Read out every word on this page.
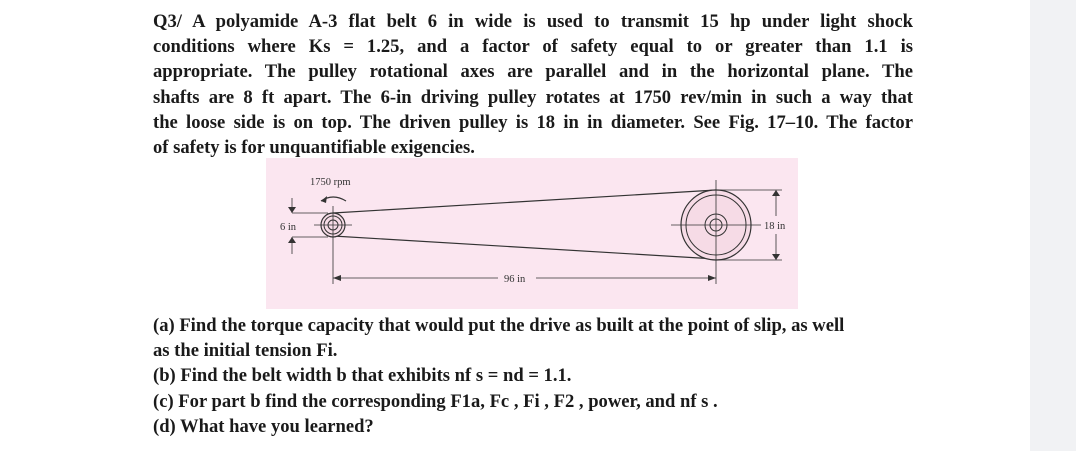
Q3/ A polyamide A-3 flat belt 6 in wide is used to transmit 15 hp under light shock
conditions where Ks = 1.25, and a factor of safety equal to or greater than 1.1 is
appropriate. The pulley rotational axes are parallel and in the horizontal plane. The
shafts are 8 ft apart. The 6-in driving pulley rotates at 1750 rev/min in such a way that
the loose side is on top. The driven pulley is 18 in in diameter. See Fig. 17–10. The factor
of safety is for unquantifiable exigencies.
1750 rpm
6 in	18 in
96 in
(a) Find the torque capacity that would put the drive as built at the point of slip, as well
as the initial tension Fi.
(b) Find the belt width b that exhibits nf s = nd = 1.1.
(c) For part b find the corresponding F1a, Fc , Fi , F2 , power, and nf s .
(d) What have you learned?
